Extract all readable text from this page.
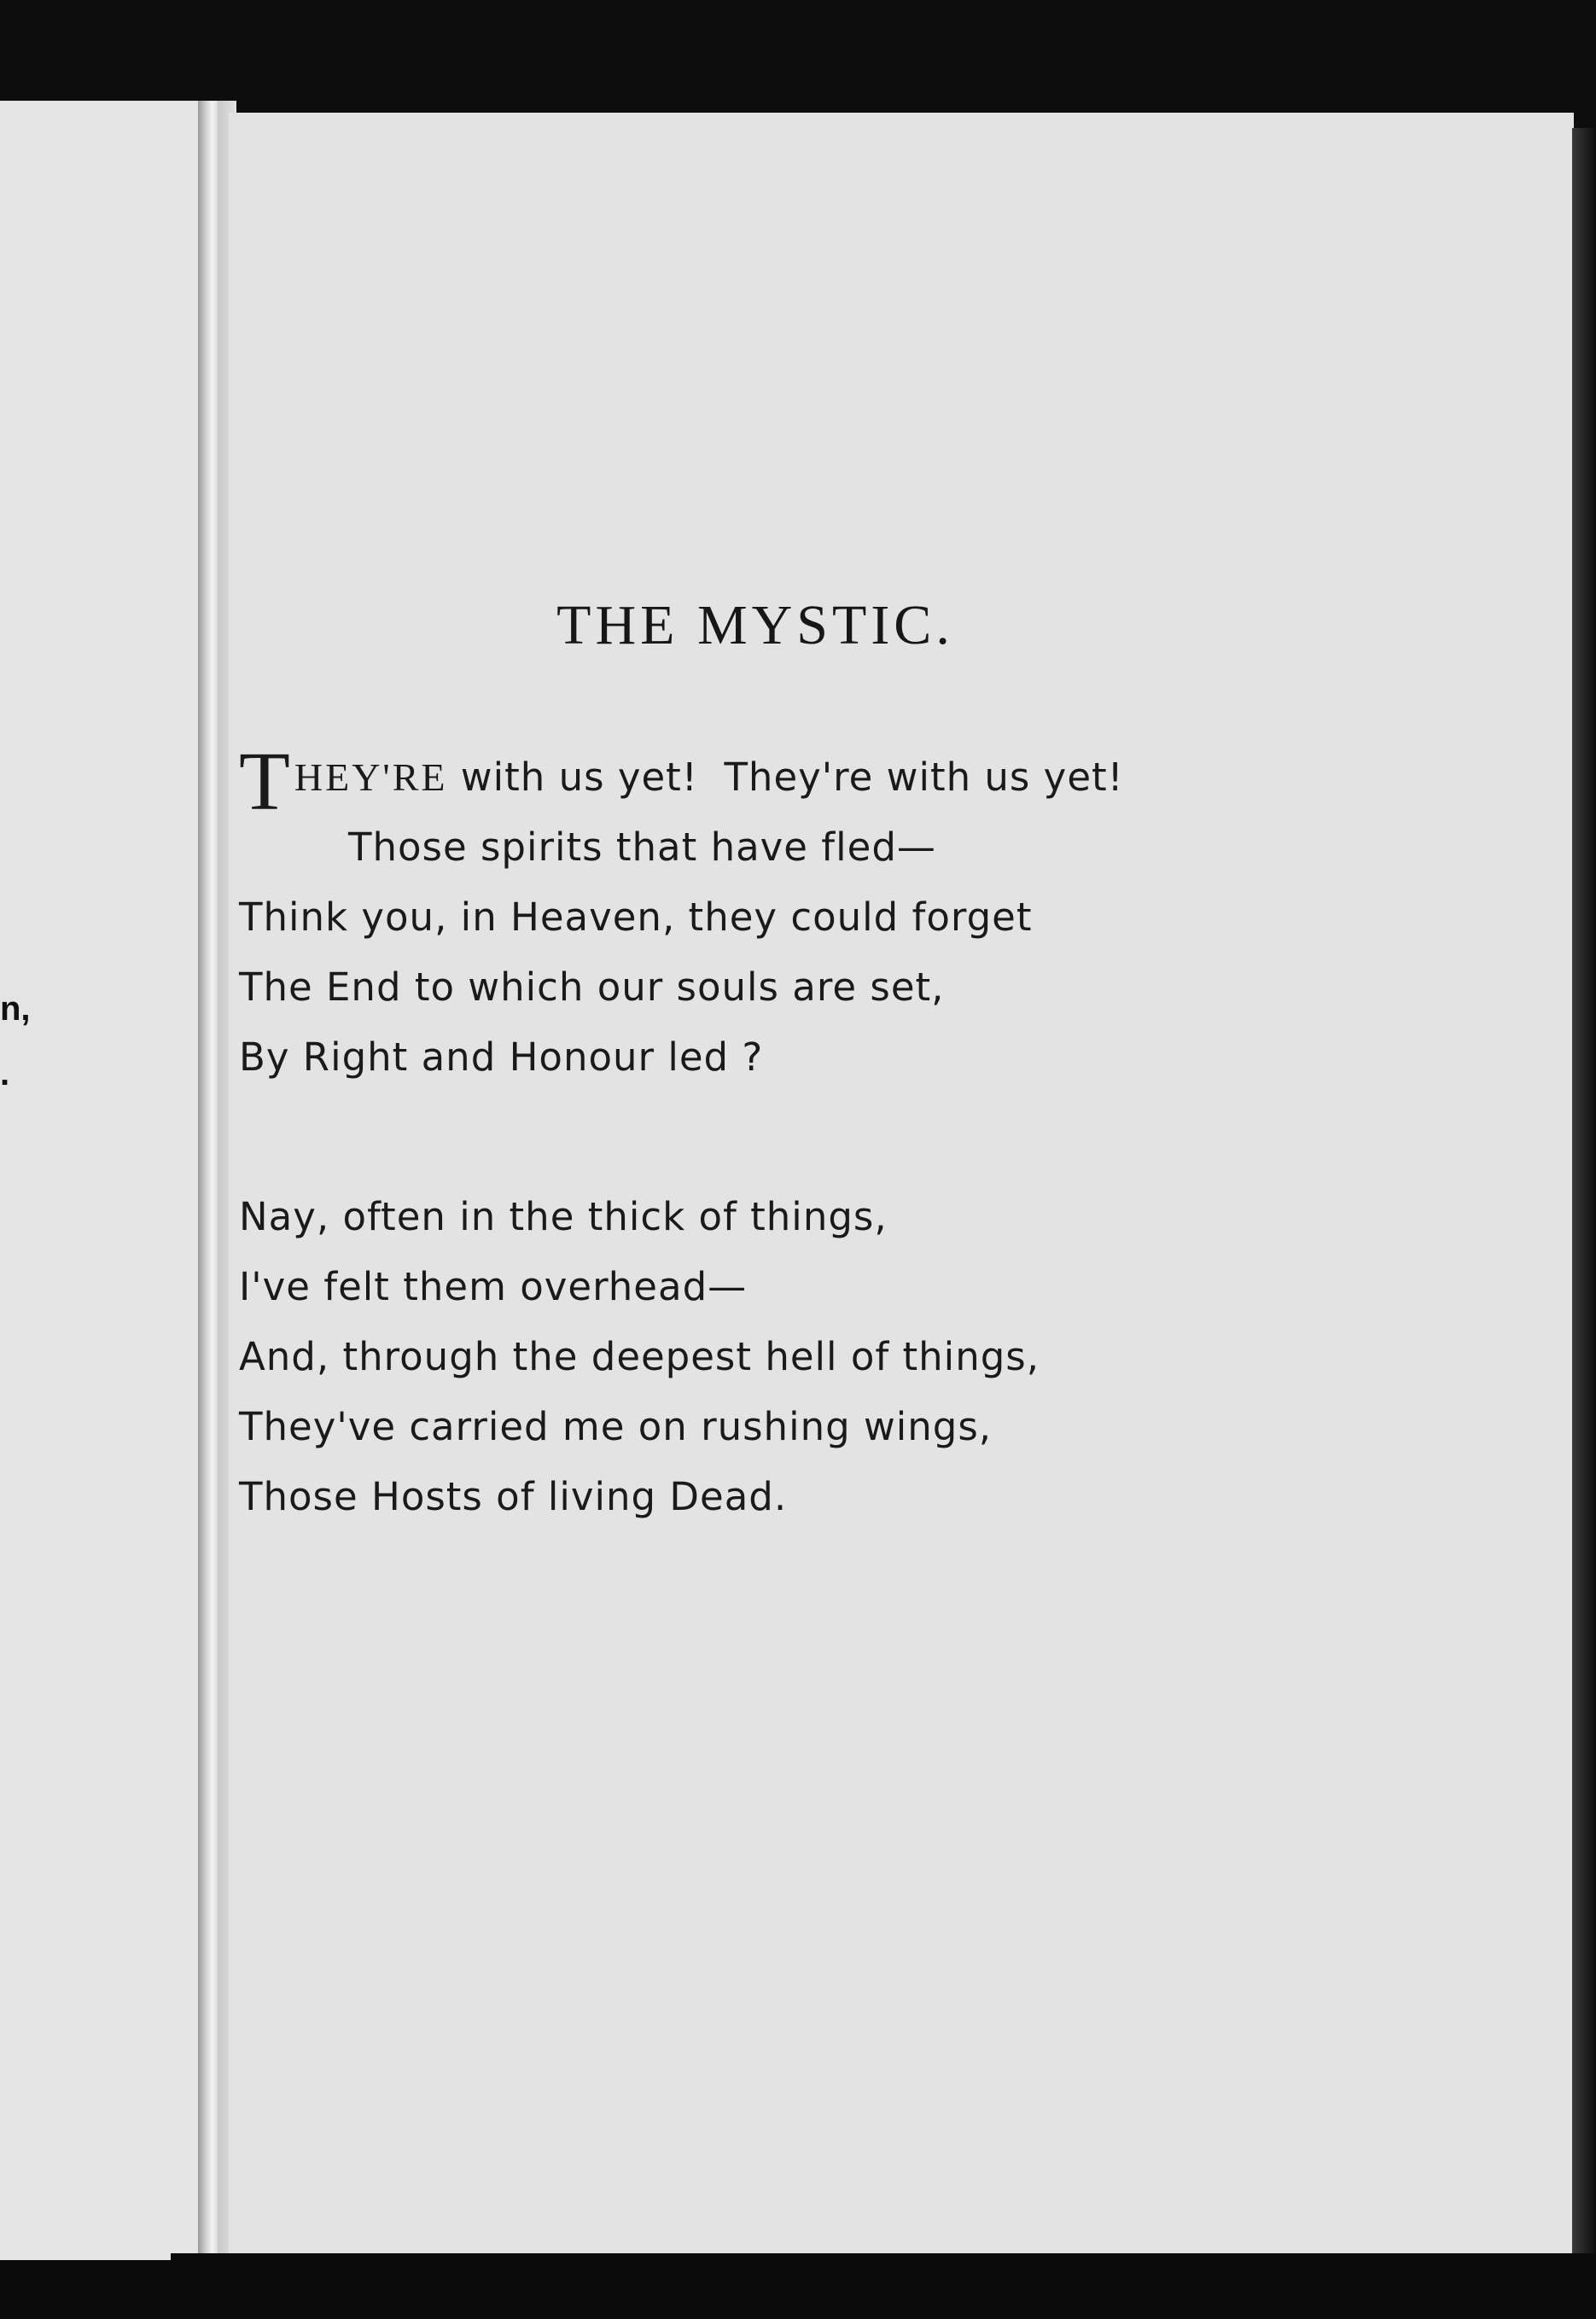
n,
.
THE MYSTIC.
THEY'RE with us yet!  They're with us yet!
Those spirits that have fled—
Think you, in Heaven, they could forget
The End to which our souls are set,
By Right and Honour led ?
Nay, often in the thick of things,
I've felt them overhead—
And, through the deepest hell of things,
They've carried me on rushing wings,
Those Hosts of living Dead.
